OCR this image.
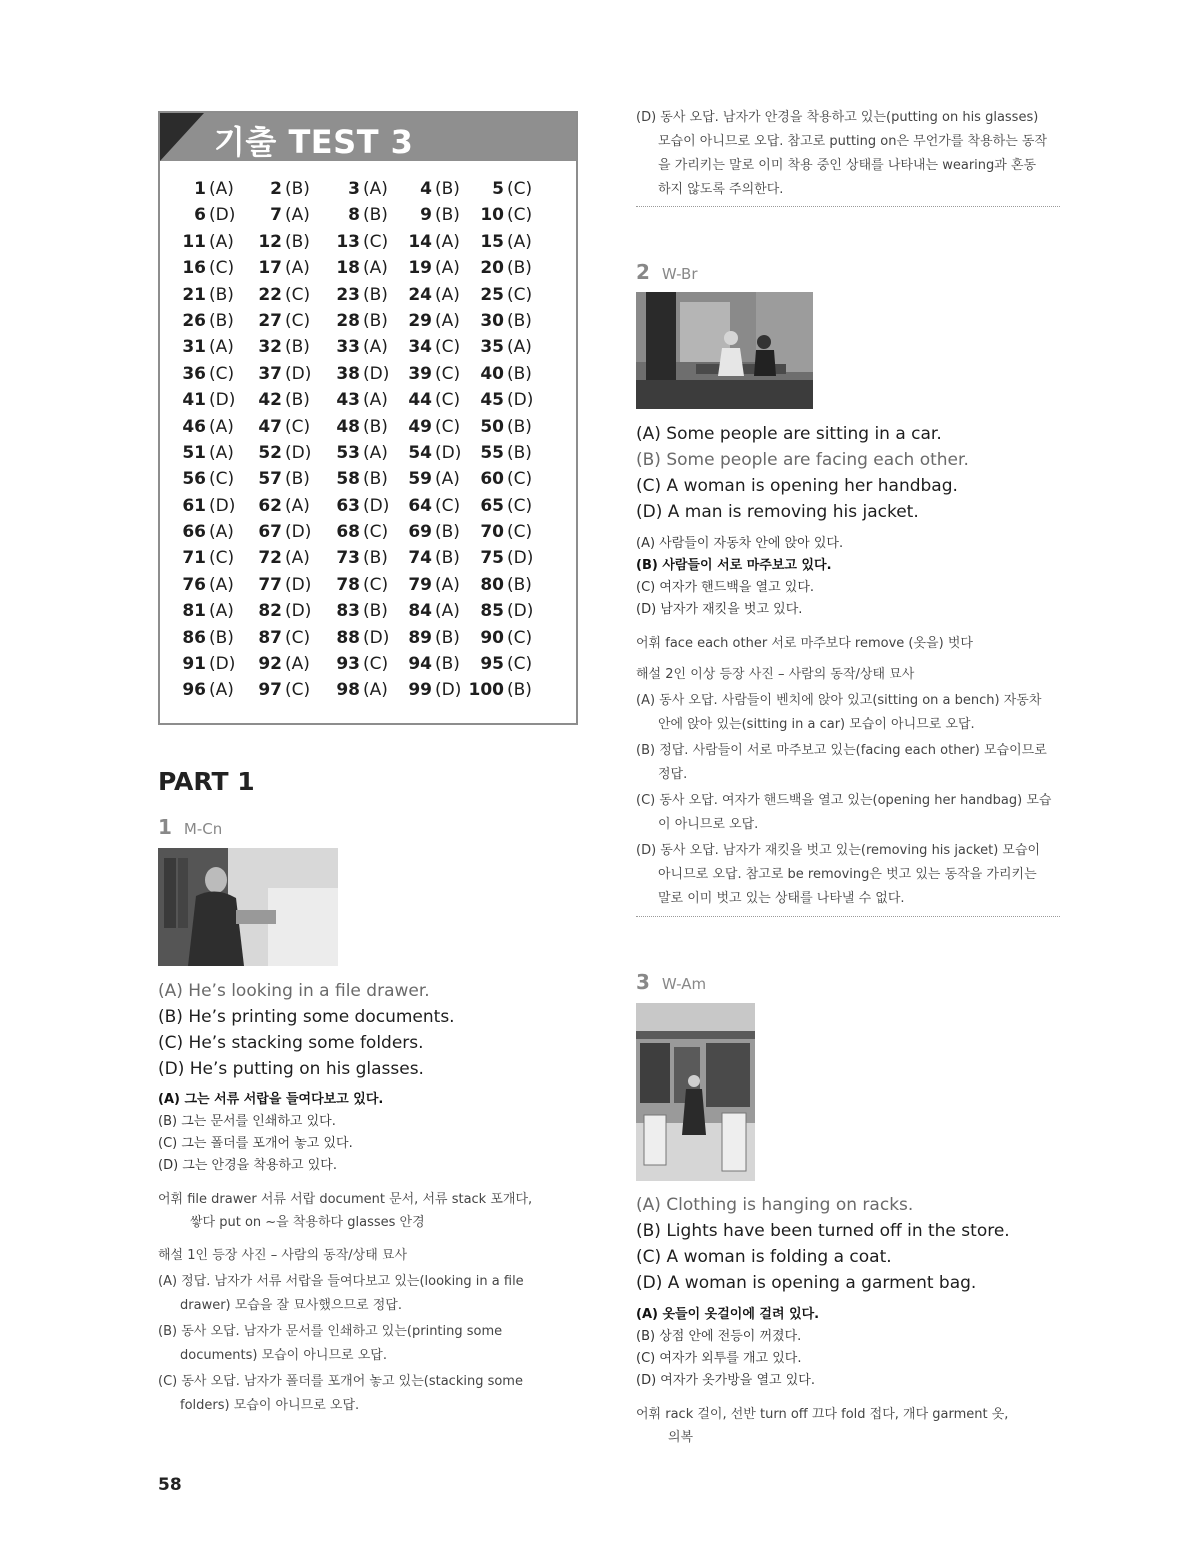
기출 TEST 3
1 (A)	2 (B)	3 (A)	4 (B)	5 (C)
6 (D)	7 (A)	8 (B)	9 (B)	10 (C)
11 (A)	12 (B)	13 (C)	14 (A)	15 (A)
16 (C)	17 (A)	18 (A)	19 (A)	20 (B)
21 (B)	22 (C)	23 (B)	24 (A)	25 (C)
26 (B)	27 (C)	28 (B)	29 (A)	30 (B)
31 (A)	32 (B)	33 (A)	34 (C)	35 (A)
36 (C)	37 (D)	38 (D)	39 (C)	40 (B)
41 (D)	42 (B)	43 (A)	44 (C)	45 (D)
46 (A)	47 (C)	48 (B)	49 (C)	50 (B)
51 (A)	52 (D)	53 (A)	54 (D)	55 (B)
56 (C)	57 (B)	58 (B)	59 (A)	60 (C)
61 (D)	62 (A)	63 (D)	64 (C)	65 (C)
66 (A)	67 (D)	68 (C)	69 (B)	70 (C)
71 (C)	72 (A)	73 (B)	74 (B)	75 (D)
76 (A)	77 (D)	78 (C)	79 (A)	80 (B)
81 (A)	82 (D)	83 (B)	84 (A)	85 (D)
86 (B)	87 (C)	88 (D)	89 (B)	90 (C)
91 (D)	92 (A)	93 (C)	94 (B)	95 (C)
96 (A)	97 (C)	98 (A)	99 (D) 100 (B)
PART 1
1 M-Cn
(A) He’s looking in a file drawer.
(B) He’s printing some documents.
(C) He’s stacking some folders.
(D) He’s putting on his glasses.
(A) 그는 서류 서랍을 들여다보고 있다.
(B) 그는 문서를 인쇄하고 있다.
(C) 그는 폴더를 포개어 놓고 있다.
(D) 그는 안경을 착용하고 있다.
어휘 file drawer 서류 서랍 document 문서, 서류 stack 포개다,
쌓다 put on ~을 착용하다 glasses 안경
해설 1인 등장 사진 – 사람의 동작/상태 묘사
(A) 정답. 남자가 서류 서랍을 들여다보고 있는(looking in a file
drawer) 모습을 잘 묘사했으므로 정답.
(B) 동사 오답. 남자가 문서를 인쇄하고 있는(printing some
documents) 모습이 아니므로 오답.
(C) 동사 오답. 남자가 폴더를 포개어 놓고 있는(stacking some
folders) 모습이 아니므로 오답.
58
(D) 동사 오답. 남자가 안경을 착용하고 있는(putting on his glasses)
모습이 아니므로 오답. 참고로 putting on은 무언가를 착용하는 동작
을 가리키는 말로 이미 착용 중인 상태를 나타내는 wearing과 혼동
하지 않도록 주의한다.
2 W-Br
(A) Some people are sitting in a car.
(B) Some people are facing each other.
(C) A woman is opening her handbag.
(D) A man is removing his jacket.
(A) 사람들이 자동차 안에 앉아 있다.
(B) 사람들이 서로 마주보고 있다.
(C) 여자가 핸드백을 열고 있다.
(D) 남자가 재킷을 벗고 있다.
어휘 face each other 서로 마주보다 remove (옷을) 벗다
해설 2인 이상 등장 사진 – 사람의 동작/상태 묘사
(A) 동사 오답. 사람들이 벤치에 앉아 있고(sitting on a bench) 자동차
안에 앉아 있는(sitting in a car) 모습이 아니므로 오답.
(B) 정답. 사람들이 서로 마주보고 있는(facing each other) 모습이므로
정답.
(C) 동사 오답. 여자가 핸드백을 열고 있는(opening her handbag) 모습
이 아니므로 오답.
(D) 동사 오답. 남자가 재킷을 벗고 있는(removing his jacket) 모습이
아니므로 오답. 참고로 be removing은 벗고 있는 동작을 가리키는
말로 이미 벗고 있는 상태를 나타낼 수 없다.
3 W-Am
(A) Clothing is hanging on racks.
(B) Lights have been turned off in the store.
(C) A woman is folding a coat.
(D) A woman is opening a garment bag.
(A) 옷들이 옷걸이에 걸려 있다.
(B) 상점 안에 전등이 꺼졌다.
(C) 여자가 외투를 개고 있다.
(D) 여자가 옷가방을 열고 있다.
어휘 rack 걸이, 선반 turn off 끄다 fold 접다, 개다 garment 옷,
의복
